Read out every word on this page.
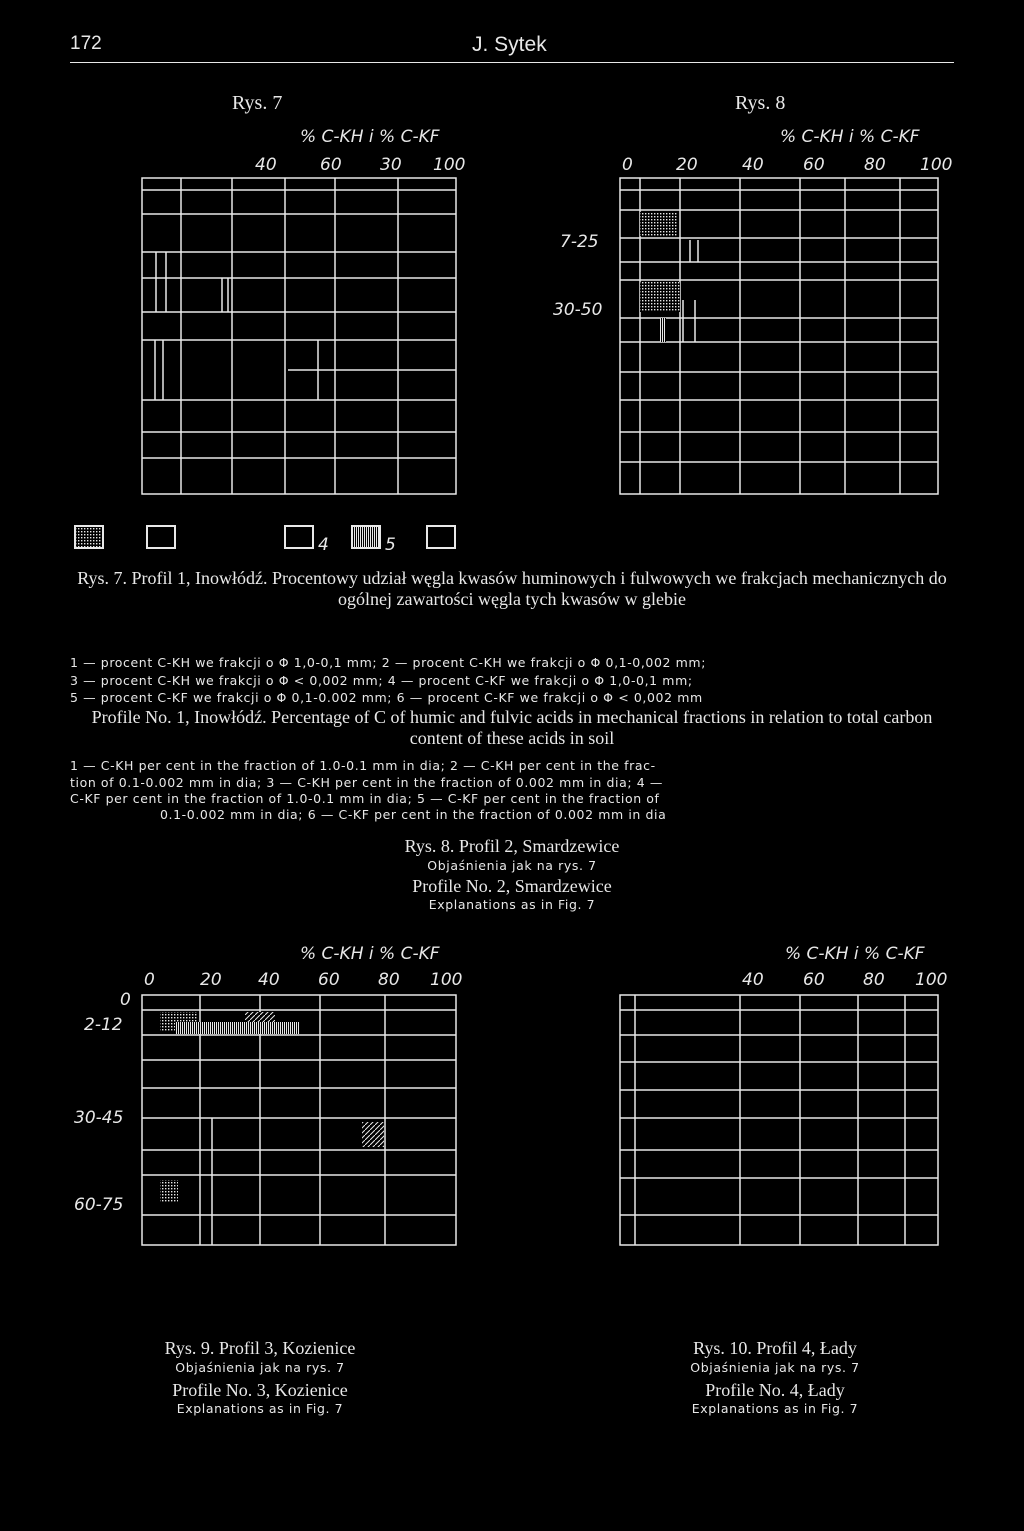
172	J. Sytek
Rys. 7	Rys. 8
% C-KH i % C-KF
40	60 30 100
% C-KH i % C-KF
0	20	40 60 80 100
7-25
30-50
4	5
Rys. 7. Profil 1, Inowłódź. Procentowy udział węgla kwasów huminowych i fulwowych we frakcjach mechanicznych do ogólnej zawartości węgla tych kwasów w glebie
1 — procent C-KH we frakcji o Φ 1,0-0,1 mm; 2 — procent C-KH we frakcji o Φ 0,1-0,002 mm;
3 — procent C-KH we frakcji o Φ < 0,002 mm; 4 — procent C-KF we frakcji o Φ 1,0-0,1 mm;
5 — procent C-KF we frakcji o Φ 0,1-0.002 mm; 6 — procent C-KF we frakcji o Φ < 0,002 mm
Profile No. 1, Inowłódź. Percentage of C of humic and fulvic acids in mechanical fractions in relation to total carbon content of these acids in soil
1 — C-KH per cent in the fraction of 1.0-0.1 mm in dia; 2 — C-KH per cent in the frac-
tion of 0.1-0.002 mm in dia; 3 — C-KH per cent in the fraction of 0.002 mm in dia; 4 —
C-KF per cent in the fraction of 1.0-0.1 mm in dia; 5 — C-KF per cent in the fraction of
0.1-0.002 mm in dia; 6 — C-KF per cent in the fraction of 0.002 mm in dia
Rys. 8. Profil 2, Smardzewice
Objaśnienia jak na rys. 7
Profile No. 2, Smardzewice
Explanations as in Fig. 7
% C-KH i % C-KF
0	20 40 60 80 100
0
2-12
30-45
60-75
% C-KH i % C-KF
40 60 80 100
Rys. 9. Profil 3, Kozienice
Objaśnienia jak na rys. 7
Profile No. 3, Kozienice
Explanations as in Fig. 7
Rys. 10. Profil 4, Łady
Objaśnienia jak na rys. 7
Profile No. 4, Łady
Explanations as in Fig. 7
